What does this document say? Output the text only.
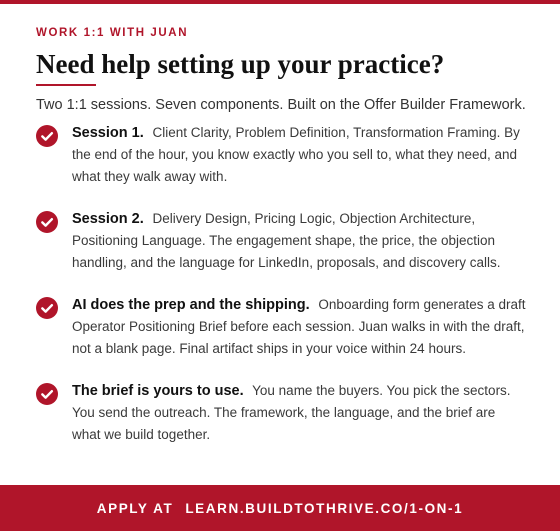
WORK 1:1 WITH JUAN
Need help setting up your practice?
Two 1:1 sessions. Seven components. Built on the Offer Builder Framework.
Session 1. Client Clarity, Problem Definition, Transformation Framing. By the end of the hour, you know exactly who you sell to, what they need, and what they walk away with.
Session 2. Delivery Design, Pricing Logic, Objection Architecture, Positioning Language. The engagement shape, the price, the objection handling, and the language for LinkedIn, proposals, and discovery calls.
AI does the prep and the shipping. Onboarding form generates a draft Operator Positioning Brief before each session. Juan walks in with the draft, not a blank page. Final artifact ships in your voice within 24 hours.
The brief is yours to use. You name the buyers. You pick the sectors. You send the outreach. The framework, the language, and the brief are what we build together.
APPLY AT LEARN.BUILDTOTHRIVE.CO/1-ON-1
